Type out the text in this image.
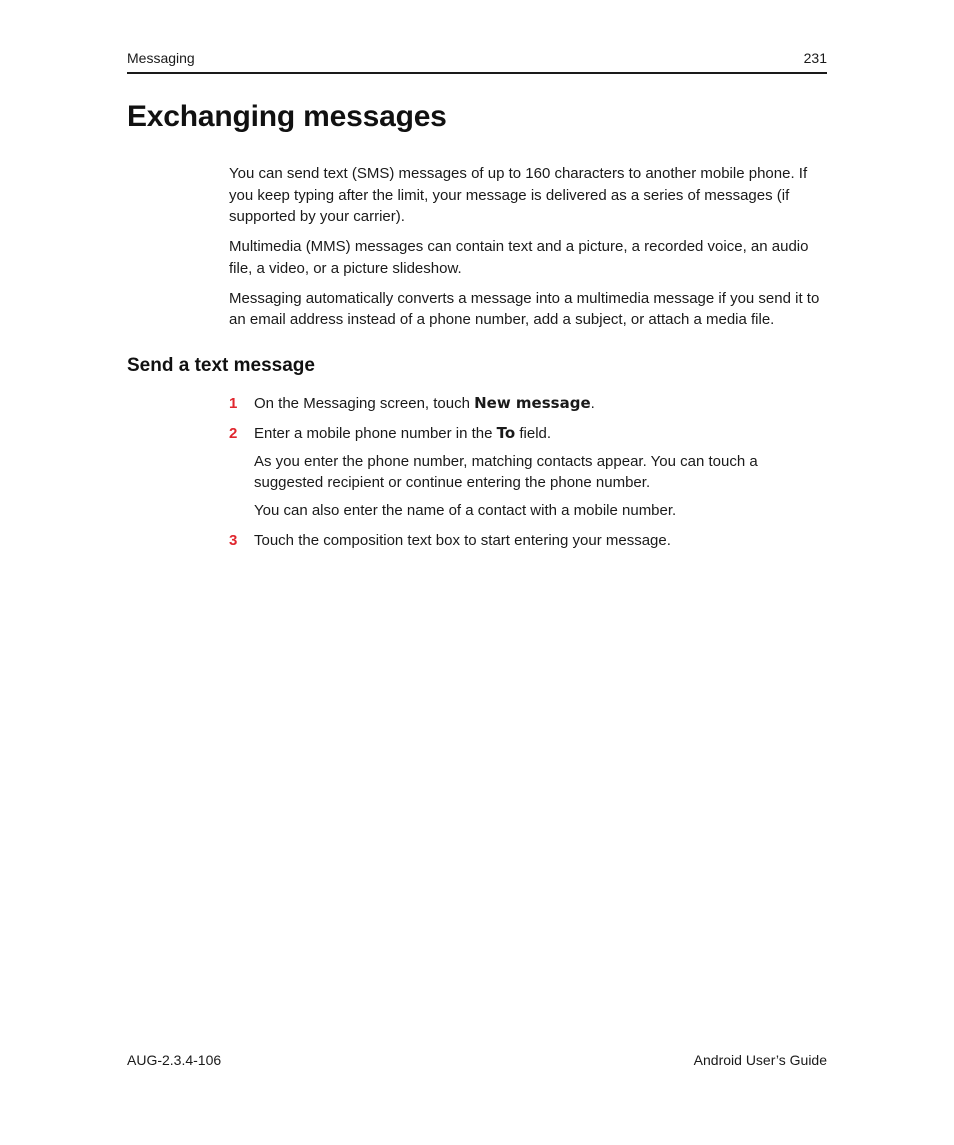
Messaging	231
Exchanging messages

You can send text (SMS) messages of up to 160 characters to another mobile phone. If you keep typing after the limit, your message is delivered as a series of messages (if supported by your carrier).

Multimedia (MMS) messages can contain text and a picture, a recorded voice, an audio file, a video, or a picture slideshow.

Messaging automatically converts a message into a multimedia message if you send it to an email address instead of a phone number, add a subject, or attach a media file.

Send a text message
1 On the Messaging screen, touch New message.

2 Enter a mobile phone number in the To field.

As you enter the phone number, matching contacts appear. You can touch a suggested recipient or continue entering the phone number.

You can also enter the name of a contact with a mobile number.

3 Touch the composition text box to start entering your message.

AUG-2.3.4-106	Android User’s Guide
